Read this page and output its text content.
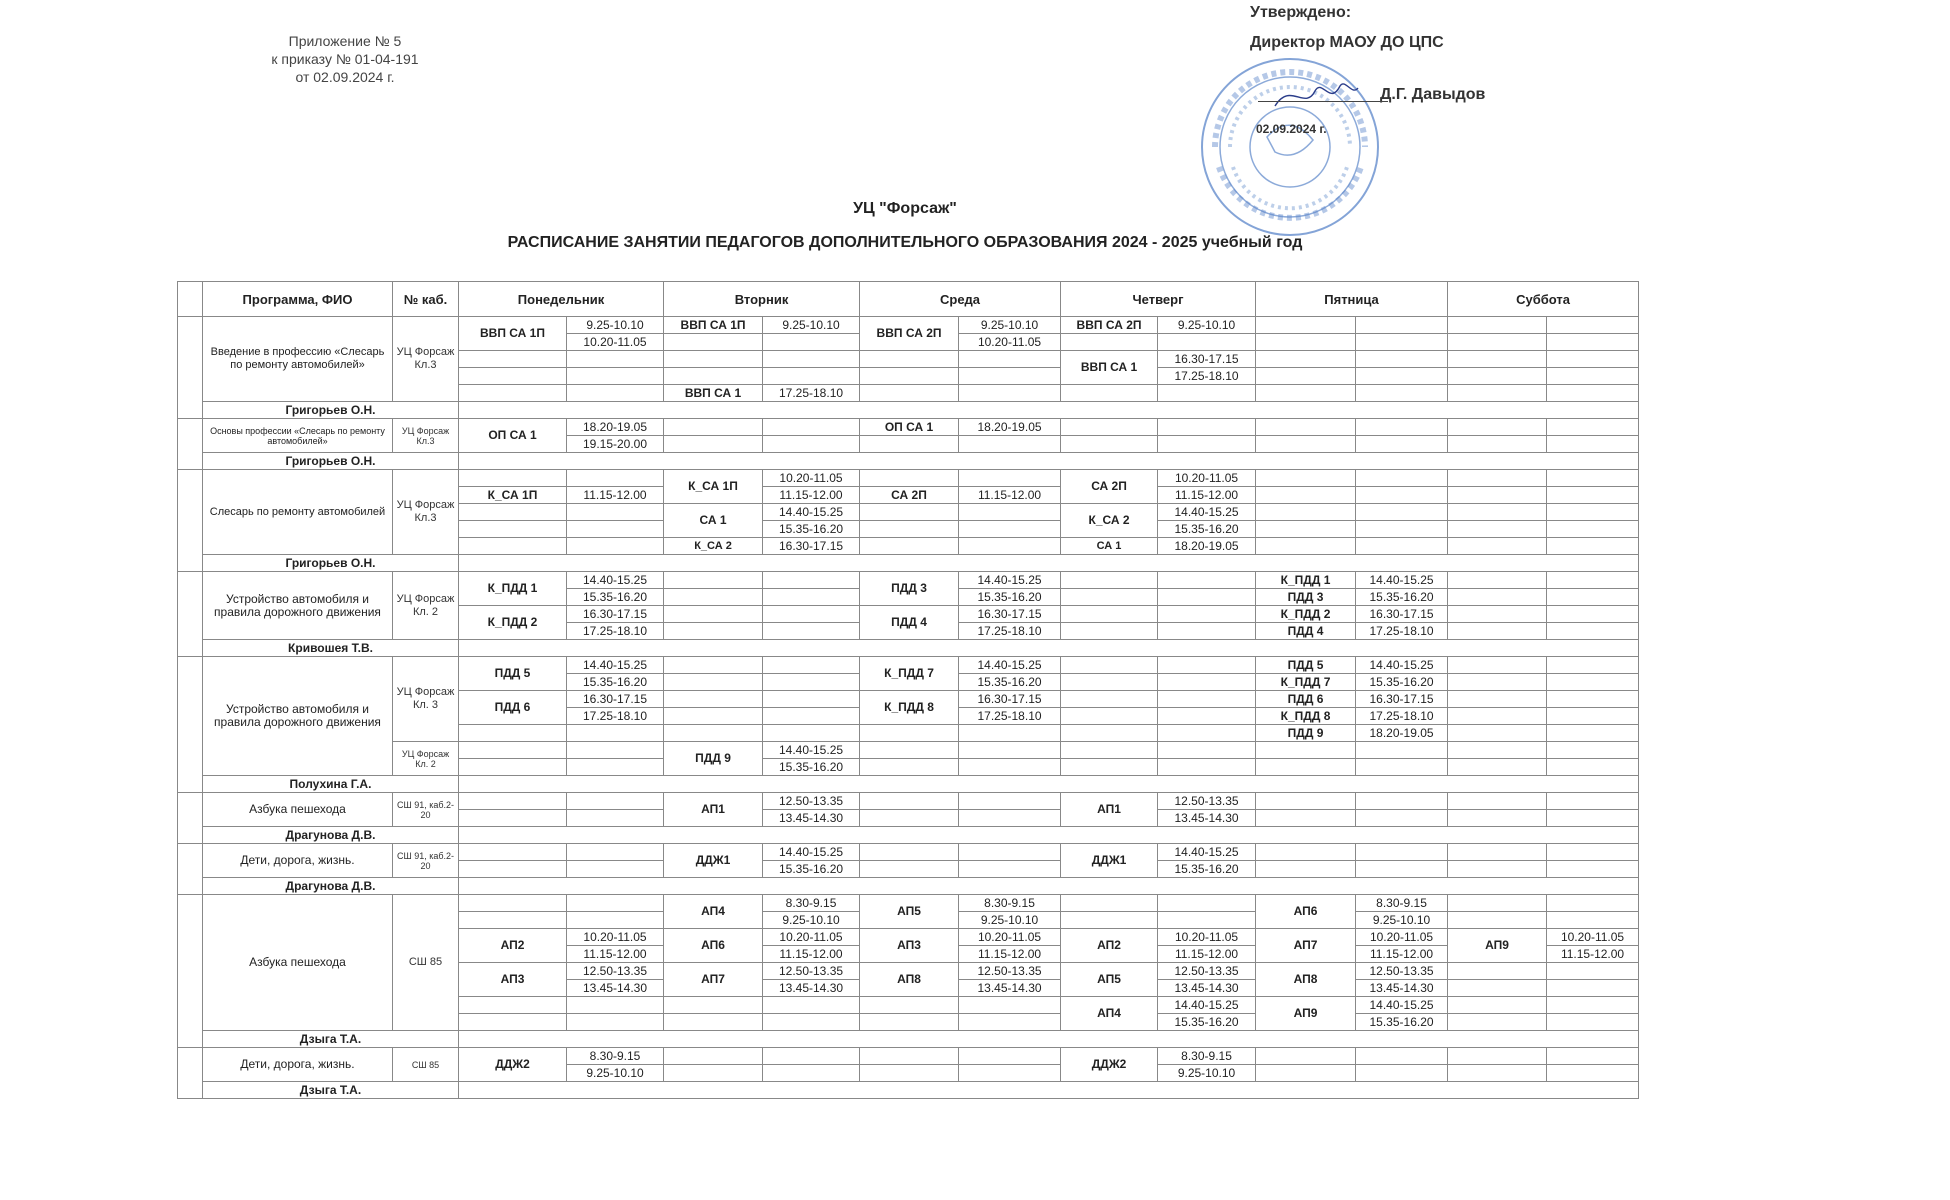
Приложение № 5
к приказу № 01-04-191
от 02.09.2024 г.
Утверждено:
Директор МАОУ ДО ЦПС
Д.Г. Давыдов
02.09.2024 г.
УЦ "Форсаж"
РАСПИСАНИЕ ЗАНЯТИИ ПЕДАГОГОВ ДОПОЛНИТЕЛЬНОГО ОБРАЗОВАНИЯ 2024 - 2025 учебный год
	Программа, ФИО	№ каб.	Понедельник		Вторник		Среда		Четверг		Пятница		Суббота	
	Введение в профессию «Слесарь по ремонту автомобилей»	УЦ Форсаж Кл.3	ВВП СА 1П	9.25-10.10	ВВП СА 1П	9.25-10.10	ВВП СА 2П	9.25-10.10	ВВП СА 2П	9.25-10.10				
				10.20-11.05				10.20-11.05						
									ВВП СА 1	16.30-17.15				
										17.25-18.10				
					ВВП СА 1	17.25-18.10								
	Григорьев О.Н.													
	Основы профессии «Слесарь по ремонту автомобилей»	УЦ Форсаж Кл.3	ОП СА 1	18.20-19.05			ОП СА 1	18.20-19.05						
				19.15-20.00										
	Григорьев О.Н.													
	Слесарь по ремонту автомобилей	УЦ Форсаж Кл.3			К_СА 1П	10.20-11.05			СА 2П	10.20-11.05				
			К_СА 1П	11.15-12.00		11.15-12.00	СА 2П	11.15-12.00		11.15-12.00				
					СА 1	14.40-15.25			К_СА 2	14.40-15.25				
						15.35-16.20				15.35-16.20				
					К_СА 2	16.30-17.15			СА 1	18.20-19.05				
	Григорьев О.Н.													
	Устройство автомобиля и правила дорожного движения	УЦ Форсаж Кл. 2	К_ПДД 1	14.40-15.25			ПДД 3	14.40-15.25			К_ПДД 1	14.40-15.25		
				15.35-16.20				15.35-16.20			ПДД 3	15.35-16.20		
			К_ПДД 2	16.30-17.15			ПДД 4	16.30-17.15			К_ПДД 2	16.30-17.15		
				17.25-18.10				17.25-18.10			ПДД 4	17.25-18.10		
	Кривошея Т.В.													
	Устройство автомобиля и правила дорожного движения	УЦ Форсаж Кл. 3	ПДД 5	14.40-15.25			К_ПДД 7	14.40-15.25			ПДД 5	14.40-15.25		
				15.35-16.20				15.35-16.20			К_ПДД 7	15.35-16.20		
			ПДД 6	16.30-17.15			К_ПДД 8	16.30-17.15			ПДД 6	16.30-17.15		
				17.25-18.10				17.25-18.10			К_ПДД 8	17.25-18.10		
											ПДД 9	18.20-19.05		
		УЦ Форсаж Кл. 2			ПДД 9	14.40-15.25								
						15.35-16.20								
	Полухина Г.А.													
	Азбука пешехода	СШ 91, каб.2-20			АП1	12.50-13.35			АП1	12.50-13.35				
						13.45-14.30				13.45-14.30				
	Драгунова Д.В.													
	Дети, дорога, жизнь.	СШ 91, каб.2-20			ДДЖ1	14.40-15.25			ДДЖ1	14.40-15.25				
						15.35-16.20				15.35-16.20				
	Драгунова Д.В.													
	Азбука пешехода	СШ 85			АП4	8.30-9.15	АП5	8.30-9.15			АП6	8.30-9.15		
						9.25-10.10		9.25-10.10				9.25-10.10		
			АП2	10.20-11.05	АП6	10.20-11.05	АП3	10.20-11.05	АП2	10.20-11.05	АП7	10.20-11.05	АП9	10.20-11.05
				11.15-12.00		11.15-12.00		11.15-12.00		11.15-12.00		11.15-12.00		11.15-12.00
			АП3	12.50-13.35	АП7	12.50-13.35	АП8	12.50-13.35	АП5	12.50-13.35	АП8	12.50-13.35		
				13.45-14.30		13.45-14.30		13.45-14.30		13.45-14.30		13.45-14.30		
									АП4	14.40-15.25	АП9	14.40-15.25		
										15.35-16.20		15.35-16.20		
	Дзыга Т.А.													
	Дети, дорога, жизнь.	СШ 85	ДДЖ2	8.30-9.15					ДДЖ2	8.30-9.15				
				9.25-10.10						9.25-10.10				
	Дзыга Т.А.													
